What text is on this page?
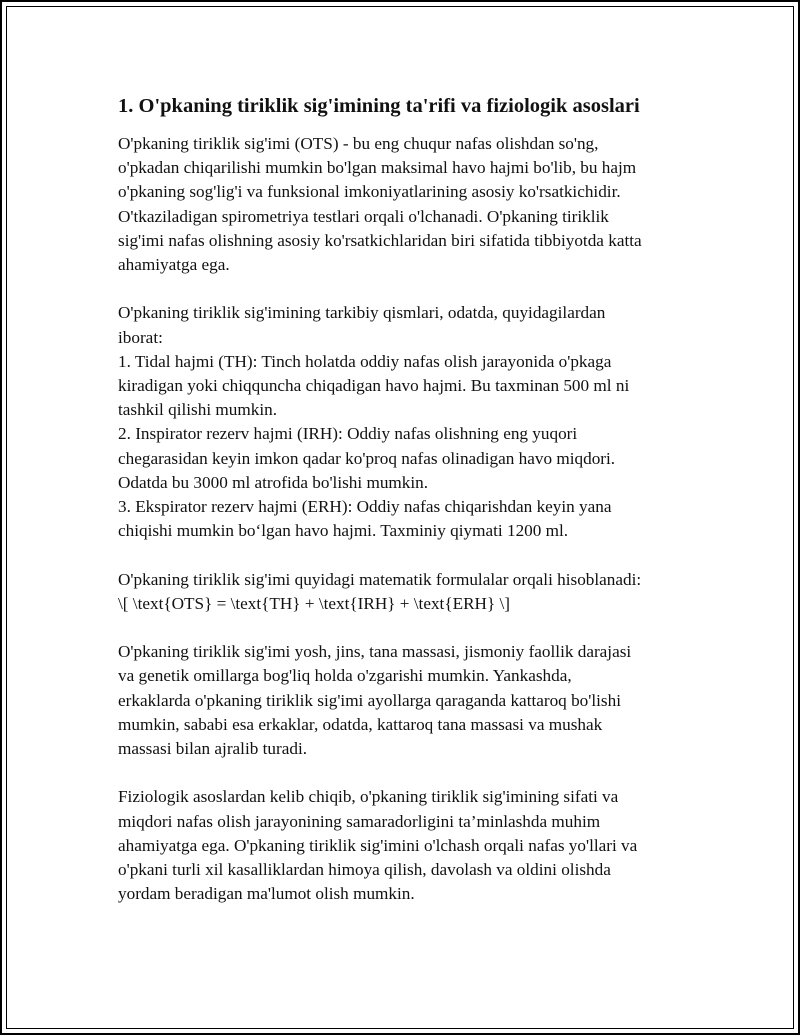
1. O'pkaning tiriklik sig'imining ta'rifi va fiziologik asoslari

O'pkaning tiriklik sig'imi (OTS) - bu eng chuqur nafas olishdan so'ng,
o'pkadan chiqarilishi mumkin bo'lgan maksimal havo hajmi bo'lib, bu hajm
o'pkaning sog'lig'i va funksional imkoniyatlarining asosiy ko'rsatkichidir.
O'tkaziladigan spirometriya testlari orqali o'lchanadi. O'pkaning tiriklik
sig'imi nafas olishning asosiy ko'rsatkichlaridan biri sifatida tibbiyotda katta
ahamiyatga ega.

O'pkaning tiriklik sig'imining tarkibiy qismlari, odatda, quyidagilardan
iborat:
1. Tidal hajmi (TH): Tinch holatda oddiy nafas olish jarayonida o'pkaga
kiradigan yoki chiqquncha chiqadigan havo hajmi. Bu taxminan 500 ml ni
tashkil qilishi mumkin.
2. Inspirator rezerv hajmi (IRH): Oddiy nafas olishning eng yuqori
chegarasidan keyin imkon qadar ko'proq nafas olinadigan havo miqdori.
Odatda bu 3000 ml atrofida bo'lishi mumkin.
3. Ekspirator rezerv hajmi (ERH): Oddiy nafas chiqarishdan keyin yana
chiqishi mumkin bo‘lgan havo hajmi. Taxminiy qiymati 1200 ml.

O'pkaning tiriklik sig'imi quyidagi matematik formulalar orqali hisoblanadi:
\[ \text{OTS} = \text{TH} + \text{IRH} + \text{ERH} \]

O'pkaning tiriklik sig'imi yosh, jins, tana massasi, jismoniy faollik darajasi
va genetik omillarga bog'liq holda o'zgarishi mumkin. Yankashda,
erkaklarda o'pkaning tiriklik sig'imi ayollarga qaraganda kattaroq bo'lishi
mumkin, sababi esa erkaklar, odatda, kattaroq tana massasi va mushak
massasi bilan ajralib turadi.

Fiziologik asoslardan kelib chiqib, o'pkaning tiriklik sig'imining sifati va
miqdori nafas olish jarayonining samaradorligini ta’minlashda muhim
ahamiyatga ega. O'pkaning tiriklik sig'imini o'lchash orqali nafas yo'llari va
o'pkani turli xil kasalliklardan himoya qilish, davolash va oldini olishda
yordam beradigan ma'lumot olish mumkin.
